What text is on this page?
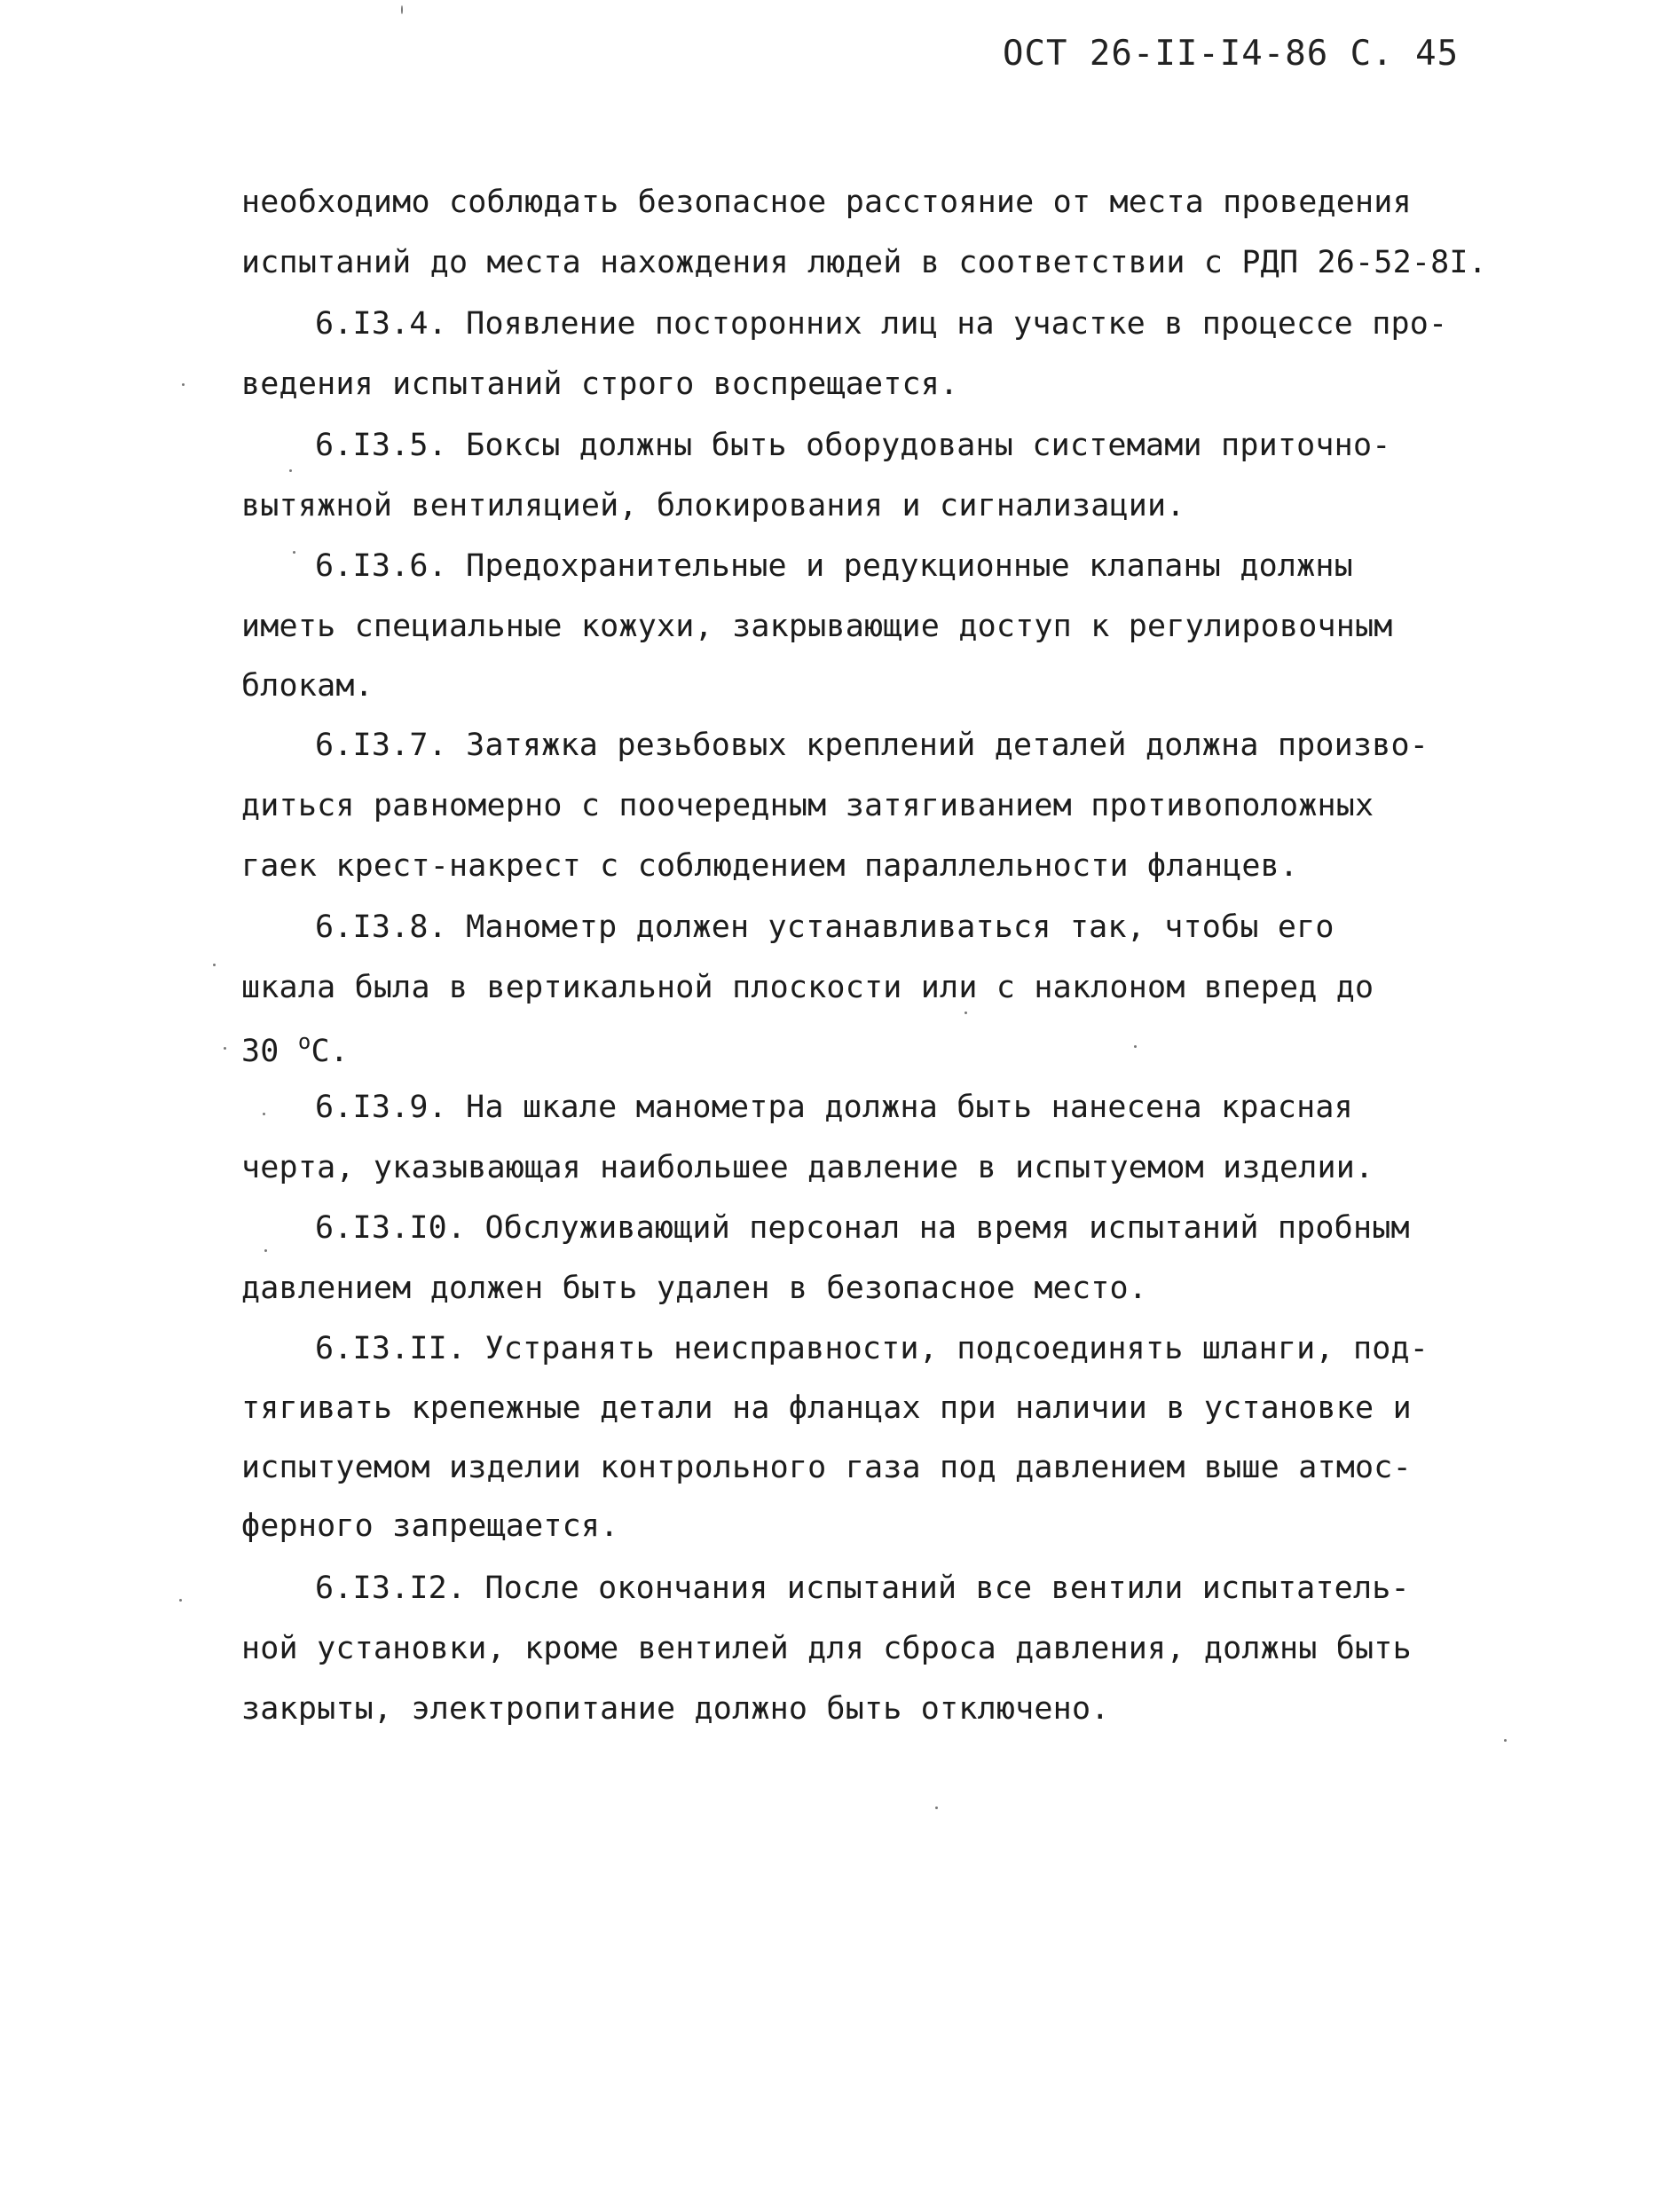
ОСТ 26-II-I4-86 С. 45
необходимо соблюдать безопасное расстояние от места проведения
испытаний до места нахождения людей в соответствии с РДП 26-52-8I.
6.I3.4. Появление посторонних лиц на участке в процессе про-
ведения испытаний строго воспрещается.
6.I3.5. Боксы должны быть оборудованы системами приточно-
вытяжной вентиляцией, блокирования и сигнализации.
6.I3.6. Предохранительные и редукционные клапаны должны
иметь специальные кожухи, закрывающие доступ к регулировочным
блокам.
6.I3.7. Затяжка резьбовых креплений деталей должна произво-
диться равномерно с поочередным затягиванием противоположных
гаек крест-накрест с соблюдением параллельности фланцев.
6.I3.8. Манометр должен устанавливаться так, чтобы его
шкала была в вертикальной плоскости или с наклоном вперед до
30 $^o$C.
6.I3.9. На шкале манометра должна быть нанесена красная
черта, указывающая наибольшее давление в испытуемом изделии.
6.I3.I0. Обслуживающий персонал на время испытаний пробным
давлением должен быть удален в безопасное место.
6.I3.II. Устранять неисправности, подсоединять шланги, под-
тягивать крепежные детали на фланцах при наличии в установке и
испытуемом изделии контрольного газа под давлением выше атмос-
ферного запрещается.
6.I3.I2. После окончания испытаний все вентили испытатель-
ной установки, кроме вентилей для сброса давления, должны быть
закрыты, электропитание должно быть отключено.
